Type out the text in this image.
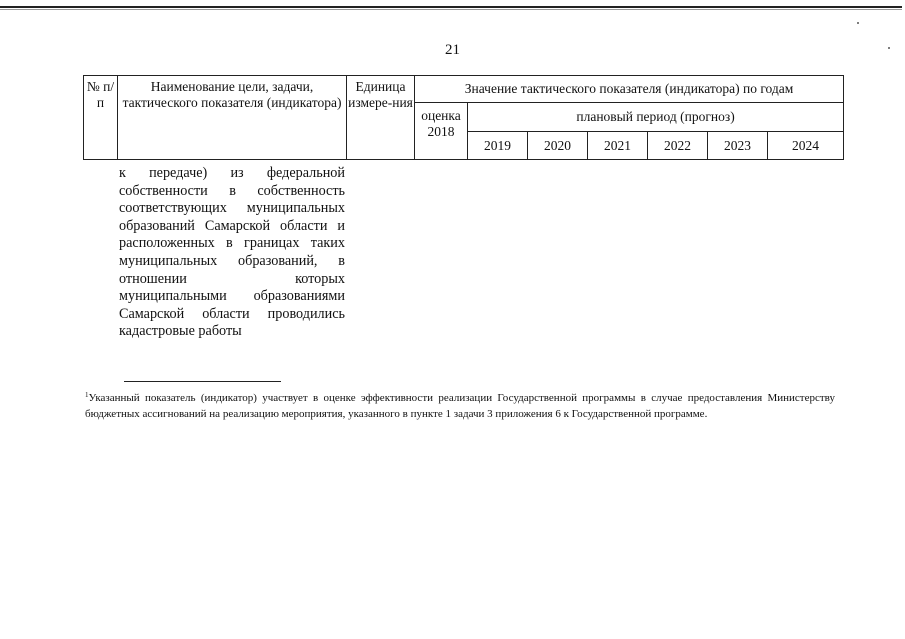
21
№ п/п	Наименование цели, задачи, тактического показателя (индикатора)	Единица измере-ния	Значение тактического показателя (индикатора) по годам						
			оценка 2018	плановый период (прогноз)					
				2019	2020	2021	2022	2023	2024

к передаче) из федеральной собственности в собственность соответствующих муниципальных образований Самарской области и расположенных в границах таких муниципальных образований, в отношении которых муниципальными образованиями Самарской области проводились кадастровые работы

$^1$Указанный показатель (индикатор) участвует в оценке эффективности реализации Государственной программы в случае предоставления Министерству бюджетных ассигнований на реализацию мероприятия, указанного в пункте 1 задачи 3 приложения 6 к Государственной программе.
